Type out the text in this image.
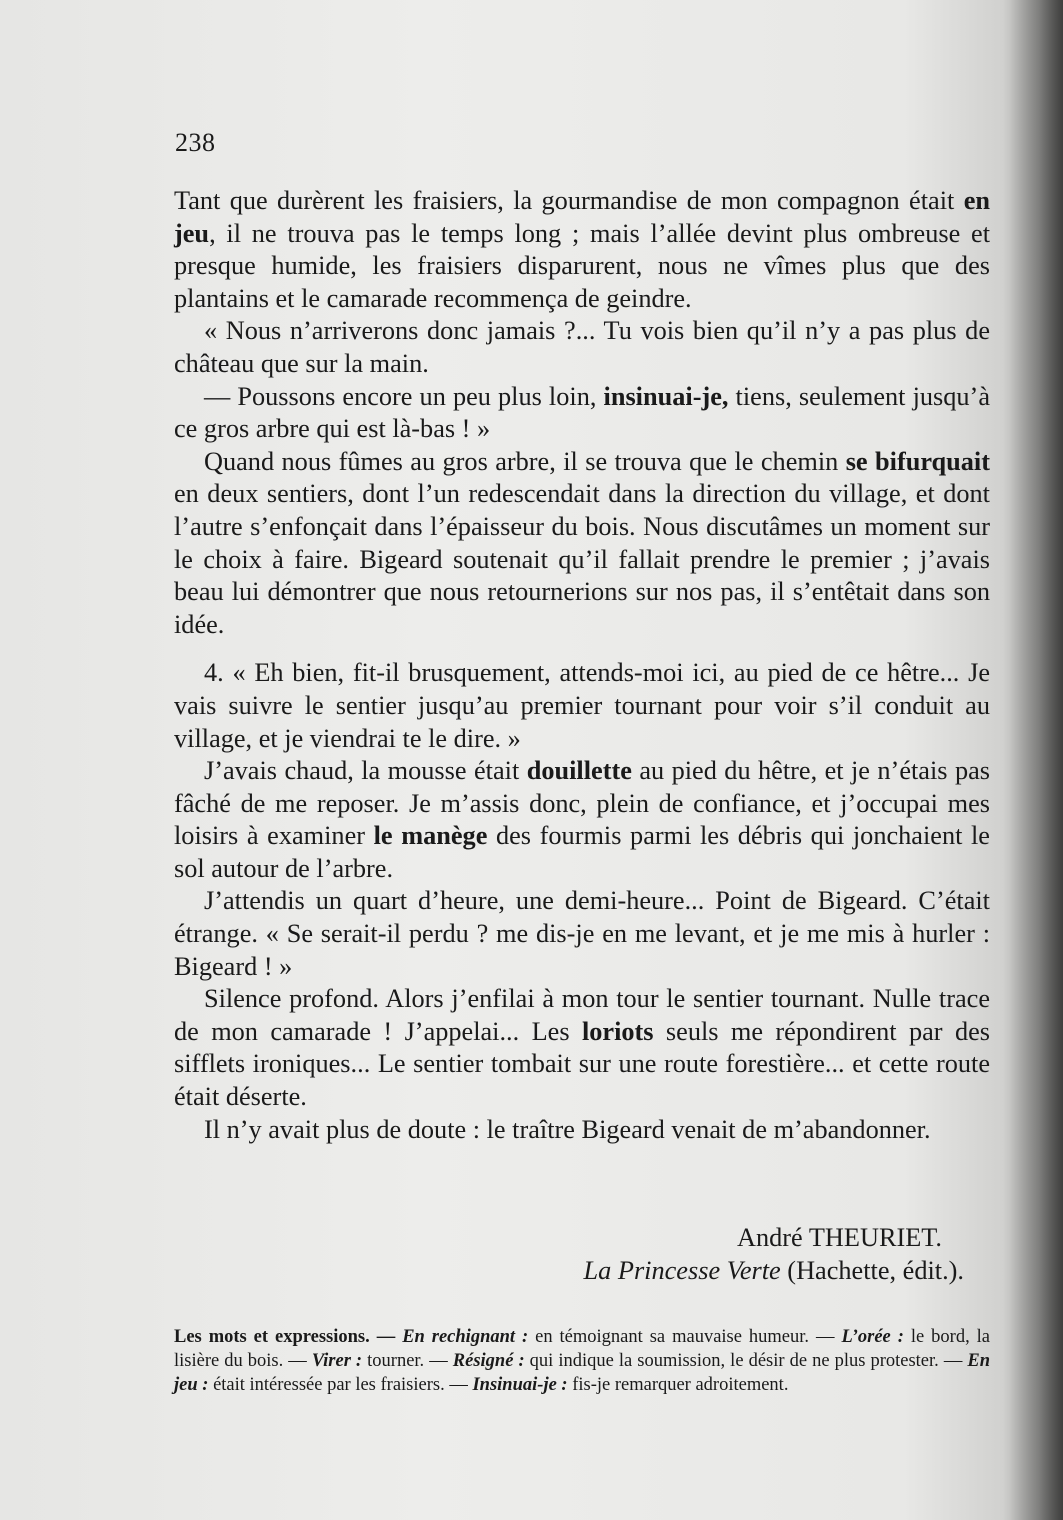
238

Tant que durèrent les fraisiers, la gourmandise de mon compagnon était en jeu, il ne trouva pas le temps long ; mais l’allée devint plus ombreuse et presque humide, les fraisiers disparurent, nous ne vîmes plus que des plantains et le camarade recommença de geindre.

« Nous n’arriverons donc jamais ?... Tu vois bien qu’il n’y a pas plus de château que sur la main.

— Poussons encore un peu plus loin, insinuai-je, tiens, seulement jusqu’à ce gros arbre qui est là-bas ! »

Quand nous fûmes au gros arbre, il se trouva que le chemin se bifurquait en deux sentiers, dont l’un redescendait dans la direction du village, et dont l’autre s’enfonçait dans l’épaisseur du bois. Nous discutâmes un moment sur le choix à faire. Bigeard soutenait qu’il fallait prendre le premier ; j’avais beau lui démontrer que nous retournerions sur nos pas, il s’entêtait dans son idée.

4. « Eh bien, fit-il brusquement, attends-moi ici, au pied de ce hêtre... Je vais suivre le sentier jusqu’au premier tournant pour voir s’il conduit au village, et je viendrai te le dire. »

J’avais chaud, la mousse était douillette au pied du hêtre, et je n’étais pas fâché de me reposer. Je m’assis donc, plein de confiance, et j’occupai mes loisirs à examiner le manège des fourmis parmi les débris qui jonchaient le sol autour de l’arbre.

J’attendis un quart d’heure, une demi-heure... Point de Bigeard. C’était étrange. « Se serait-il perdu ? me dis-je en me levant, et je me mis à hurler : Bigeard ! »

Silence profond. Alors j’enfilai à mon tour le sentier tournant. Nulle trace de mon camarade ! J’appelai... Les loriots seuls me répondirent par des sifflets ironiques... Le sentier tombait sur une route forestière... et cette route était déserte.

Il n’y avait plus de doute : le traître Bigeard venait de m’abandonner.

André THEURIET.
La Princesse Verte (Hachette, édit.).
Les mots et expressions. — En rechignant : en témoignant sa mauvaise humeur. — L’orée : le bord, la lisière du bois. — Virer : tourner. — Résigné : qui indique la soumission, le désir de ne plus protester. — En jeu : était intéressée par les fraisiers. — Insinuai-je : fis-je remarquer adroitement.
